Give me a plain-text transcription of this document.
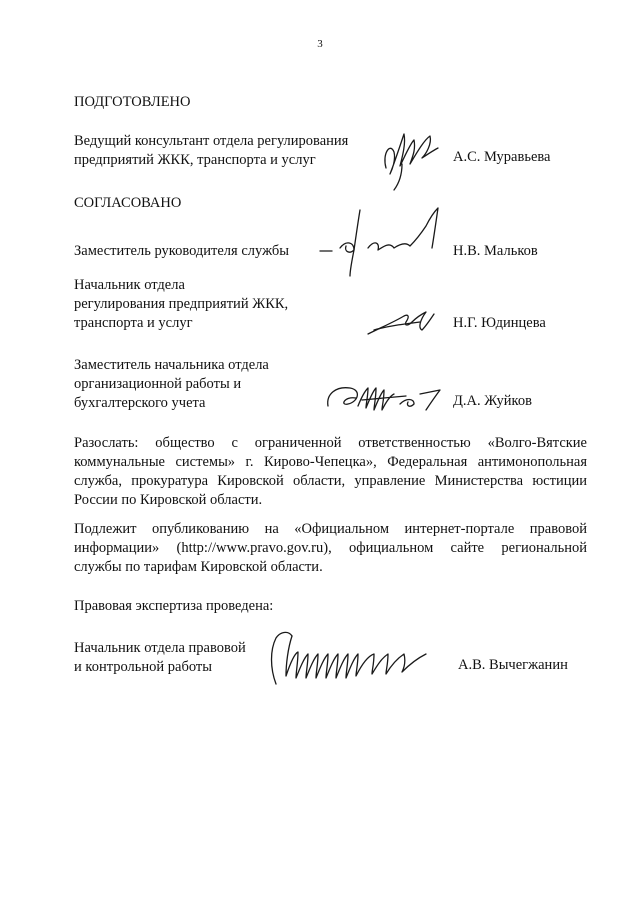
3
ПОДГОТОВЛЕНО
Ведущий консультант отдела регулирования
предприятий ЖКК, транспорта и услуг	А.С. Муравьева
СОГЛАСОВАНО
Заместитель руководителя службы	Н.В. Мальков
Начальник отдела
регулирования предприятий ЖКК,
транспорта и услуг	Н.Г. Юдинцева
Заместитель начальника отдела
организационной работы и
бухгалтерского учета	Д.А. Жуйков
Разослать: общество с ограниченной ответственностью «Волго-Вятские
коммунальные системы» г. Кирово-Чепецка», Федеральная антимонопольная
служба, прокуратура Кировской области, управление Министерства юстиции
России по Кировской области.
Подлежит опубликованию на «Официальном интернет-портале правовой
информации» (http://www.pravo.gov.ru), официальном сайте региональной
службы по тарифам Кировской области.
Правовая экспертиза проведена:
Начальник отдела правовой
и контрольной работы	А.В. Вычегжанин
